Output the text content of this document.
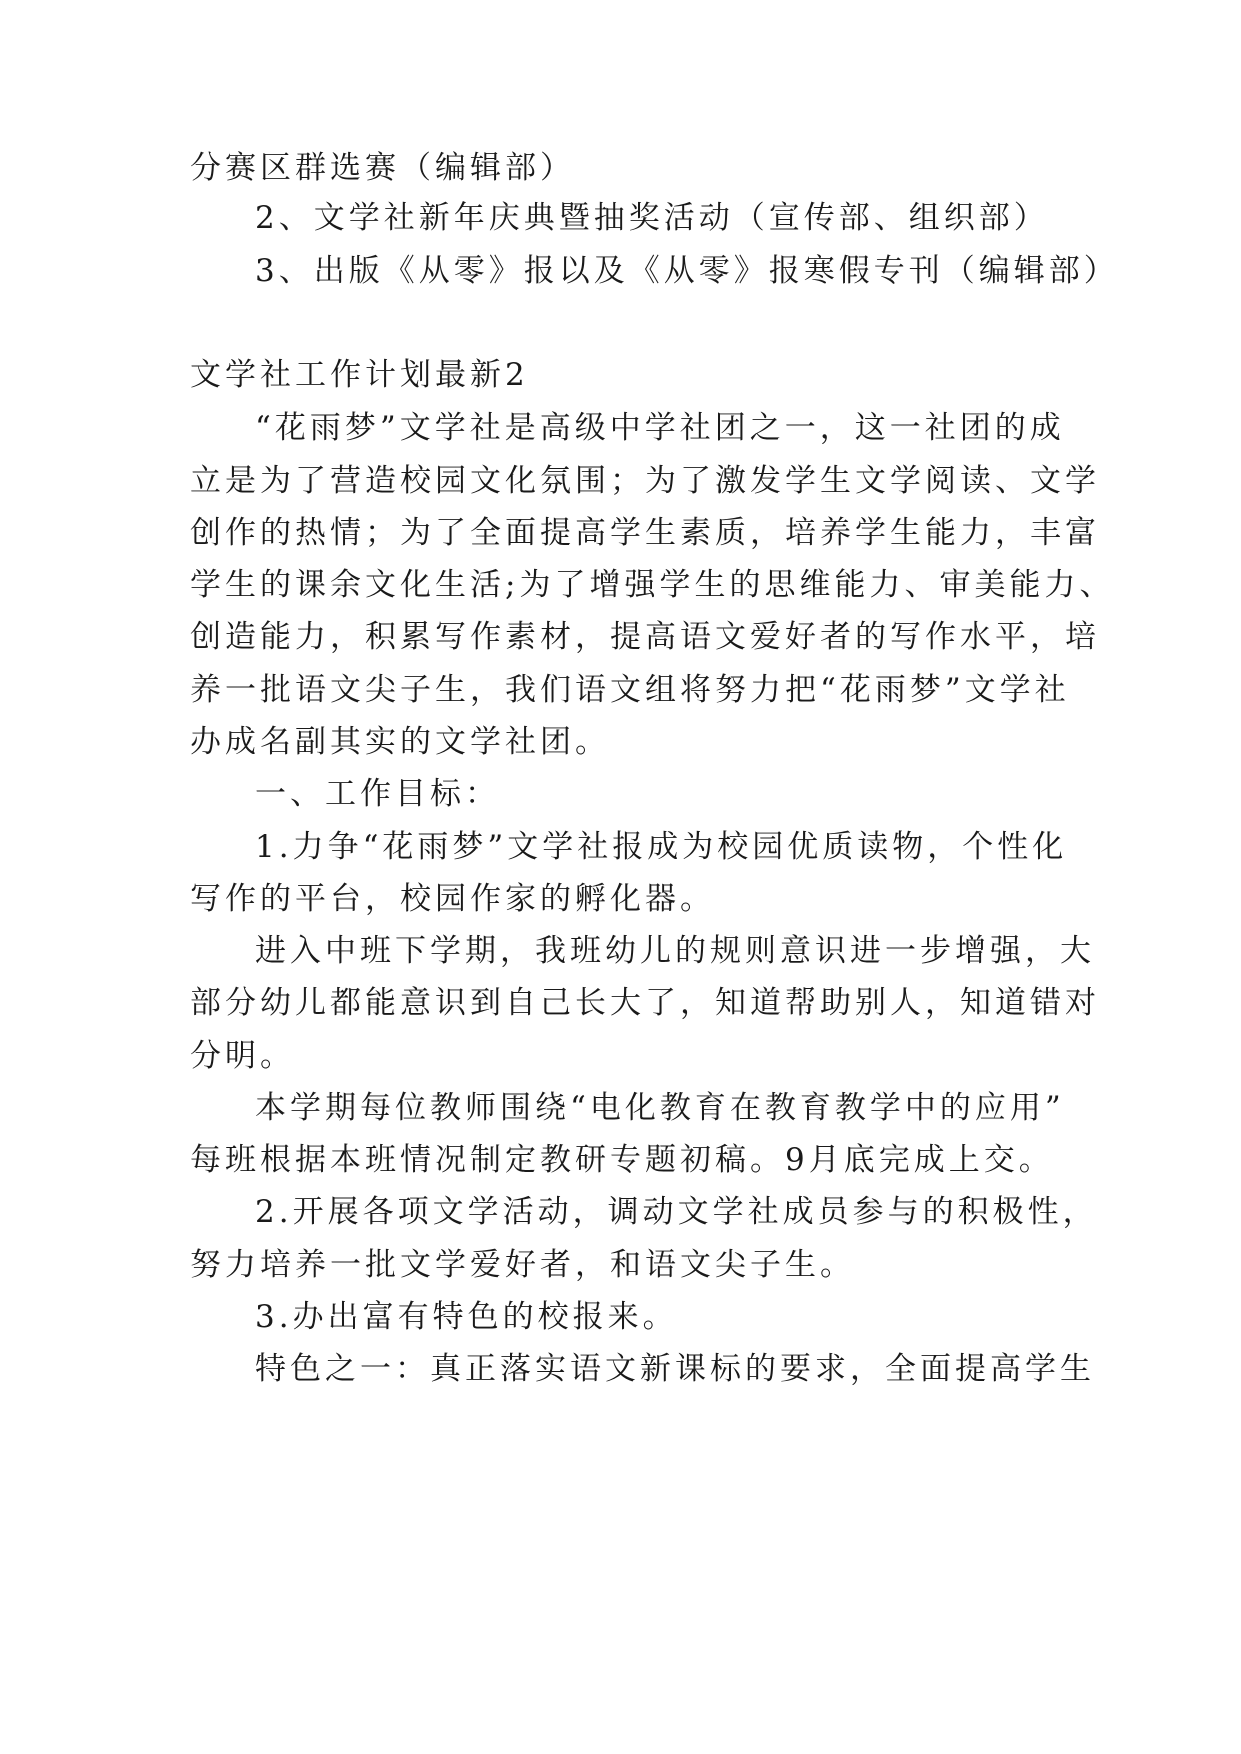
分赛区群选赛（编辑部）
2、文学社新年庆典暨抽奖活动（宣传部、组织部）
3、出版《从零》报以及《从零》报寒假专刊（编辑部）
文学社工作计划最新2
“花雨梦”文学社是高级中学社团之一，这一社团的成
立是为了营造校园文化氛围；为了激发学生文学阅读、文学
创作的热情；为了全面提高学生素质，培养学生能力，丰富
学生的课余文化生活;为了增强学生的思维能力、审美能力、
创造能力，积累写作素材，提高语文爱好者的写作水平，培
养一批语文尖子生，我们语文组将努力把“花雨梦”文学社
办成名副其实的文学社团。
一、工作目标：
1.力争“花雨梦”文学社报成为校园优质读物，个性化
写作的平台，校园作家的孵化器。
进入中班下学期，我班幼儿的规则意识进一步增强，大
部分幼儿都能意识到自己长大了，知道帮助别人，知道错对
分明。
本学期每位教师围绕“电化教育在教育教学中的应用”
每班根据本班情况制定教研专题初稿。9月底完成上交。
2.开展各项文学活动，调动文学社成员参与的积极性，
努力培养一批文学爱好者，和语文尖子生。
3.办出富有特色的校报来。
特色之一：真正落实语文新课标的要求，全面提高学生
